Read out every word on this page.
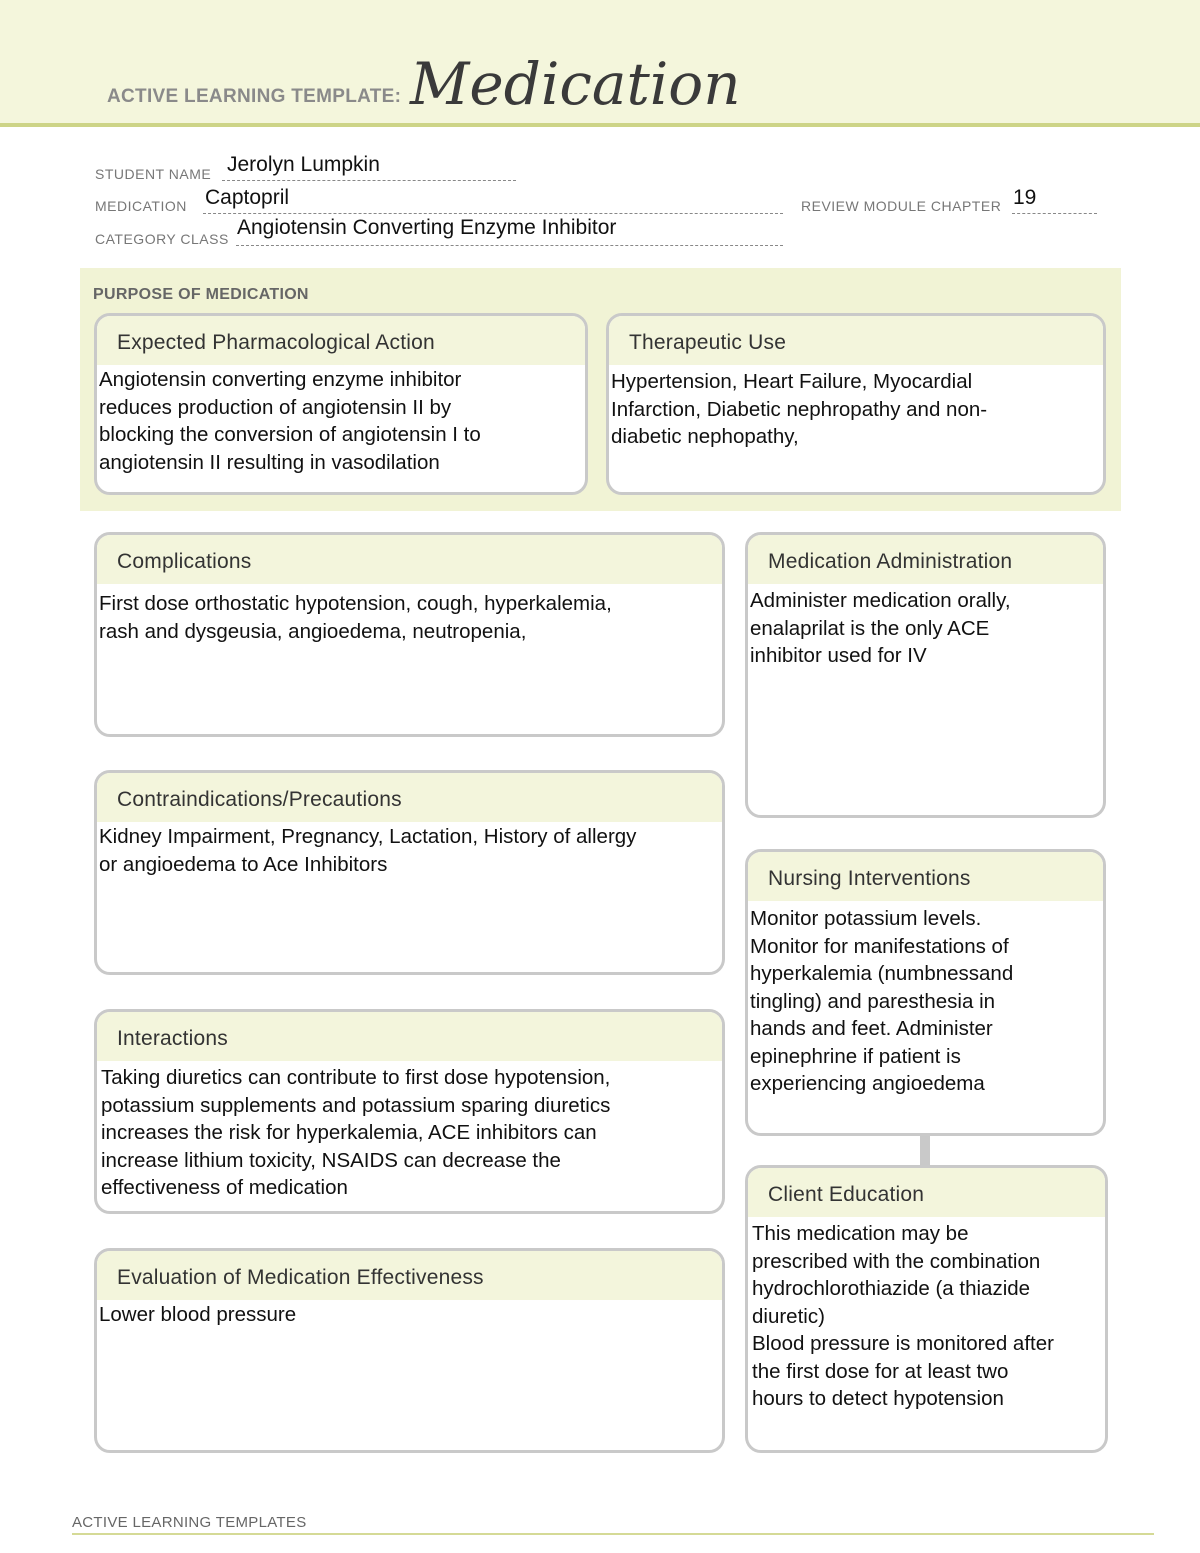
ACTIVE LEARNING TEMPLATE: Medication
STUDENT NAME Jerolyn Lumpkin
MEDICATION Captopril	REVIEW MODULE CHAPTER 19
CATEGORY CLASS Angiotensin Converting Enzyme Inhibitor
PURPOSE OF MEDICATION
Expected Pharmacological Action
Angiotensin converting enzyme inhibitor
reduces production of angiotensin II by
blocking the conversion of angiotensin I to
angiotensin II resulting in vasodilation
Therapeutic Use
Hypertension, Heart Failure, Myocardial
Infarction, Diabetic nephropathy and non-
diabetic nephopathy,
Complications
First dose orthostatic hypotension, cough, hyperkalemia,
rash and dysgeusia, angioedema, neutropenia,
Contraindications/Precautions
Kidney Impairment, Pregnancy, Lactation, History of allergy
or angioedema to Ace Inhibitors
Interactions
Taking diuretics can contribute to first dose hypotension,
potassium supplements and potassium sparing diuretics
increases the risk for hyperkalemia, ACE inhibitors can
increase lithium toxicity, NSAIDS can decrease the
effectiveness of medication
Evaluation of Medication Effectiveness
Lower blood pressure
Medication Administration
Administer medication orally,
enalaprilat is the only ACE
inhibitor used for IV
Nursing Interventions
Monitor potassium levels.
Monitor for manifestations of
hyperkalemia (numbnessand
tingling) and paresthesia in
hands and feet. Administer
epinephrine if patient is
experiencing angioedema
Client Education
This medication may be
prescribed with the combination
hydrochlorothiazide (a thiazide
diuretic)
Blood pressure is monitored after
the first dose for at least two
hours to detect hypotension
ACTIVE LEARNING TEMPLATES
